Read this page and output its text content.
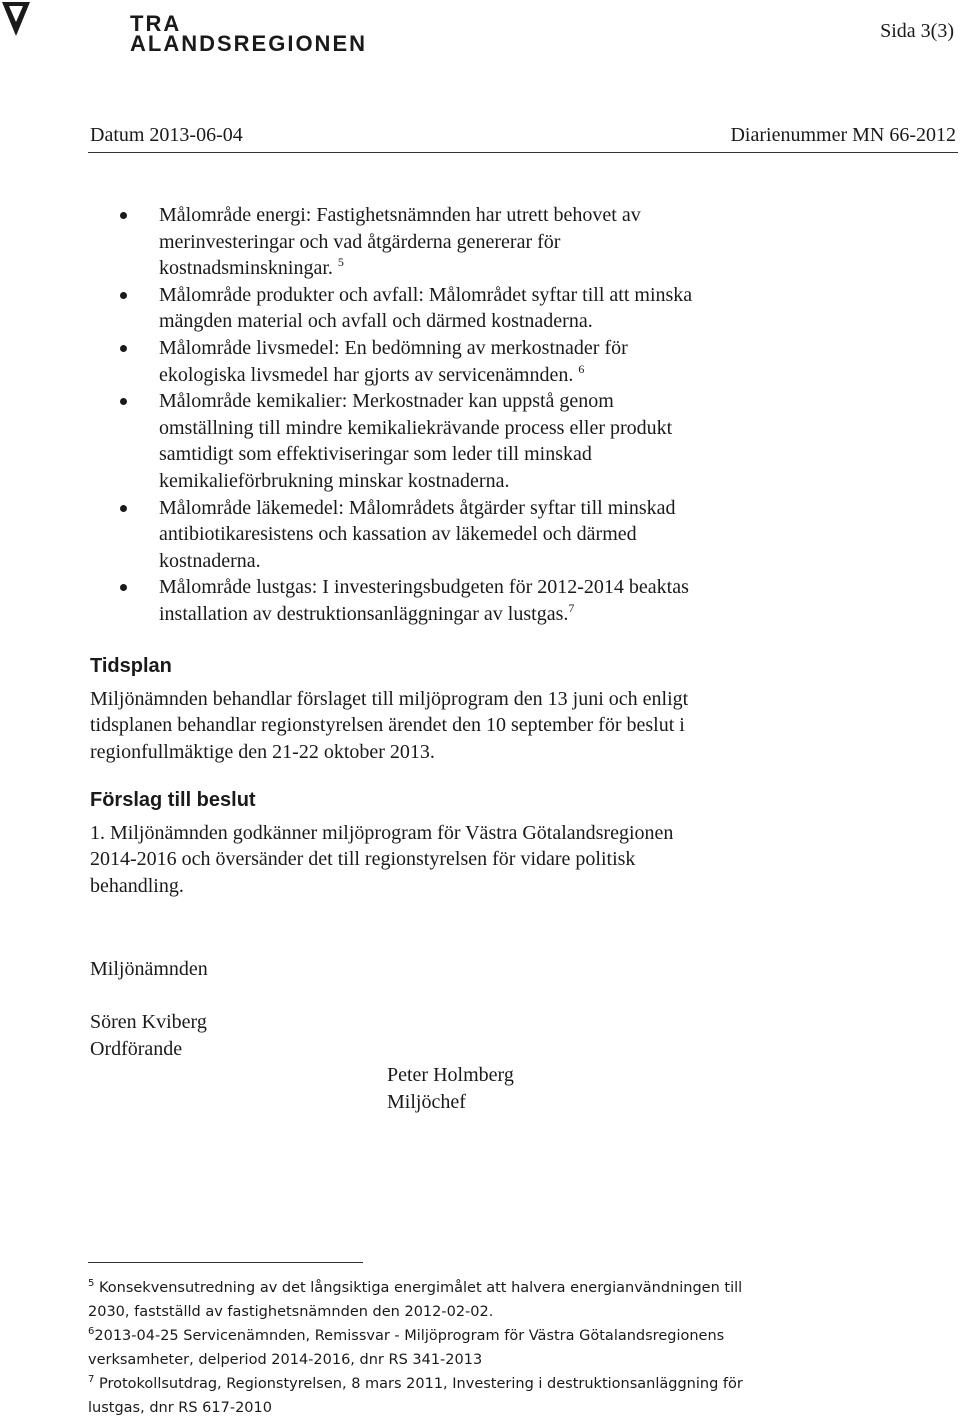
TRA
ALANDSREGIONEN	Sida 3(3)
Datum 2013-06-04	Diarienummer MN 66-2012
Målområde energi: Fastighetsnämnden har utrett behovet av
merinvesteringar och vad åtgärderna genererar för
kostnadsminskningar. $^5$
Målområde produkter och avfall: Målområdet syftar till att minska
mängden material och avfall och därmed kostnaderna.
Målområde livsmedel: En bedömning av merkostnader för
ekologiska livsmedel har gjorts av servicenämnden. $^6$
Målområde kemikalier: Merkostnader kan uppstå genom
omställning till mindre kemikaliekrävande process eller produkt
samtidigt som effektiviseringar som leder till minskad
kemikalieförbrukning minskar kostnaderna.
Målområde läkemedel: Målområdets åtgärder syftar till minskad
antibiotikaresistens och kassation av läkemedel och därmed
kostnaderna.
Målområde lustgas: I investeringsbudgeten för 2012-2014 beaktas
installation av destruktionsanläggningar av lustgas.$^7$
Tidsplan

Miljönämnden behandlar förslaget till miljöprogram den 13 juni och enligt
tidsplanen behandlar regionstyrelsen ärendet den 10 september för beslut i
regionfullmäktige den 21-22 oktober 2013.

Förslag till beslut

1. Miljönämnden godkänner miljöprogram för Västra Götalandsregionen
2014-2016 och översänder det till regionstyrelsen för vidare politisk
behandling.

Miljönämnden
Sören Kviberg
Ordförande
Peter Holmberg
Miljöchef

$^5$ Konsekvensutredning av det långsiktiga energimålet att halvera energianvändningen till
2030, fastställd av fastighetsnämnden den 2012-02-02.

$^6$2013-04-25 Servicenämnden, Remissvar - Miljöprogram för Västra Götalandsregionens
verksamheter, delperiod 2014-2016, dnr RS 341-2013

$^7$ Protokollsutdrag, Regionstyrelsen, 8 mars 2011, Investering i destruktionsanläggning för
lustgas, dnr RS 617-2010
